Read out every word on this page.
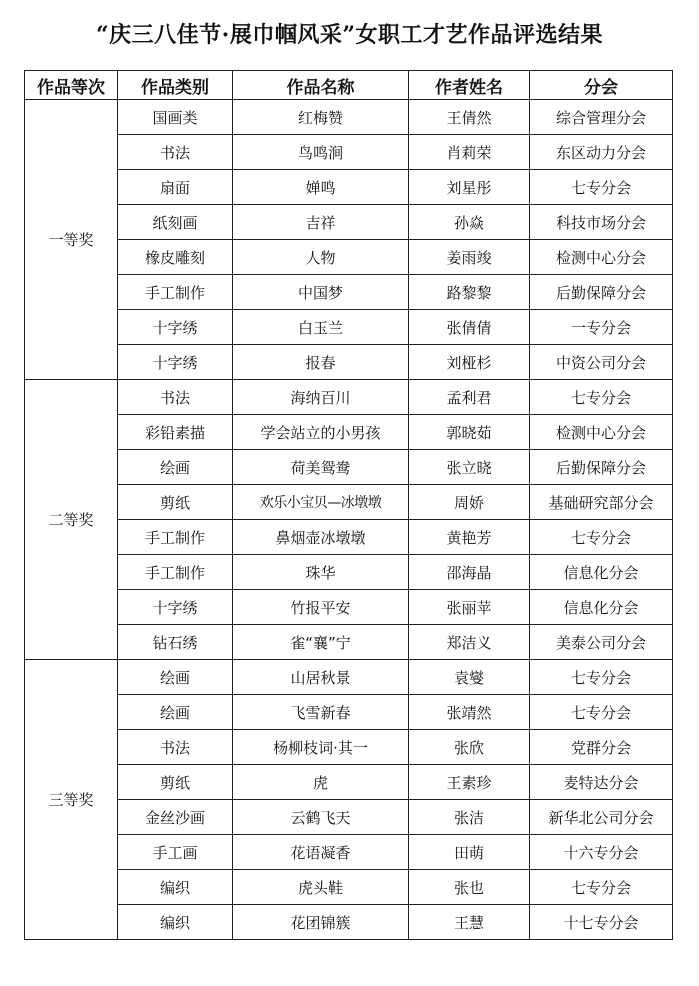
“庆三八佳节·展巾帼风采”女职工才艺作品评选结果
作品等次	作品类别	作品名称	作者姓名	分会
一等奖	国画类	红梅赞	王倩然	综合管理分会
	书法	鸟鸣涧	肖莉荣	东区动力分会
	扇面	婵鸣	刘星彤	七专分会
	纸刻画	吉祥	孙焱	科技市场分会
	橡皮雕刻	人物	姜雨竣	检测中心分会
	手工制作	中国梦	路黎黎	后勤保障分会
	十字绣	白玉兰	张倩倩	一专分会
	十字绣	报春	刘桠杉	中资公司分会
二等奖	书法	海纳百川	孟利君	七专分会
	彩铅素描	学会站立的小男孩	郭晓茹	检测中心分会
	绘画	荷美鸳鸯	张立晓	后勤保障分会
	剪纸	欢乐小宝贝—冰墩墩	周娇	基础研究部分会
	手工制作	鼻烟壶冰墩墩	黄艳芳	七专分会
	手工制作	珠华	邵海晶	信息化分会
	十字绣	竹报平安	张丽苹	信息化分会
	钻石绣	雀“襄”宁	郑洁义	美泰公司分会
三等奖	绘画	山居秋景	袁燮	七专分会
	绘画	飞雪新春	张靖然	七专分会
	书法	杨柳枝词·其一	张欣	党群分会
	剪纸	虎	王素珍	麦特达分会
	金丝沙画	云鹤飞天	张洁	新华北公司分会
	手工画	花语凝香	田萌	十六专分会
	编织	虎头鞋	张也	七专分会
	编织	花团锦簇	王慧	十七专分会
